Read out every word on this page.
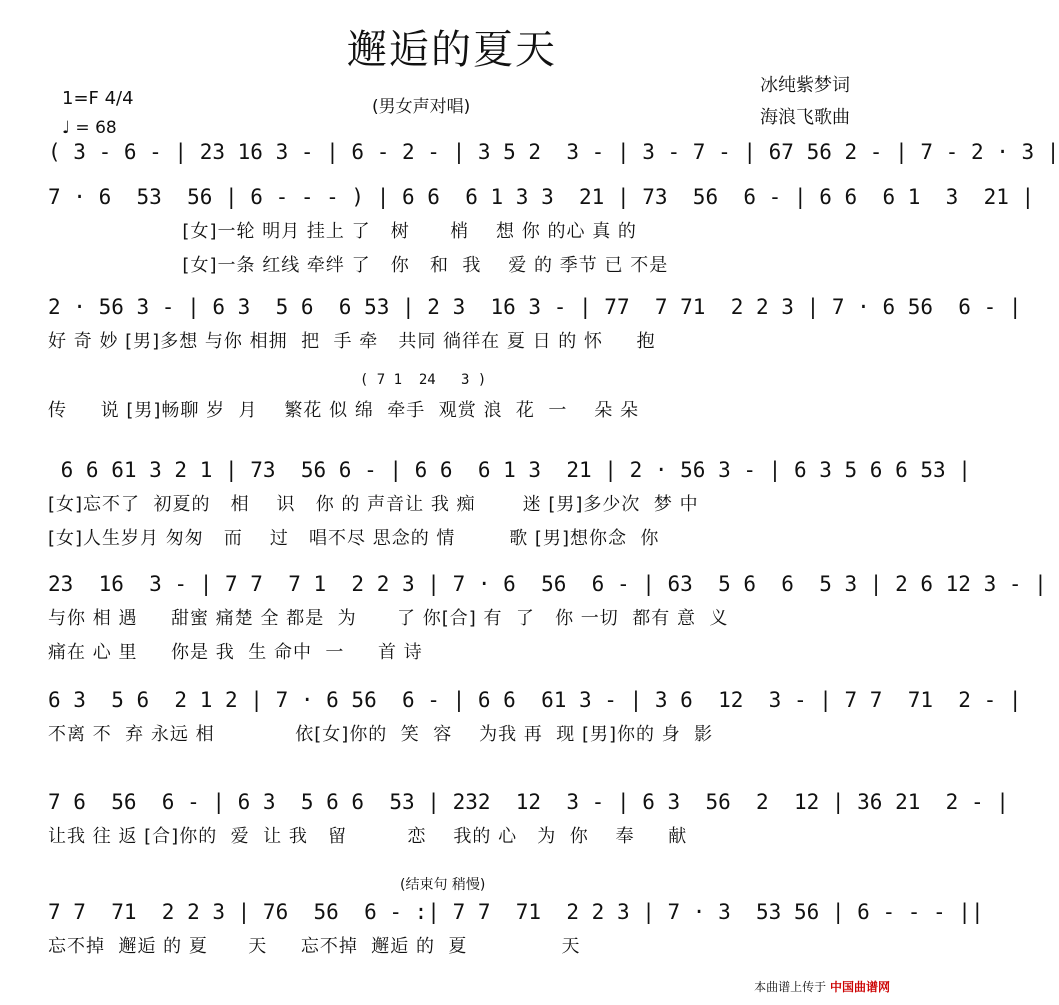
邂逅的夏天
1=F 4/4
♩ = 68
(男女声对唱)
冰纯紫梦词
海浪飞歌曲
( 3 - 6 - | 23 16 3 - | 6 - 2 - | 3 5 2  3 - | 3 - 7 - | 67 56 2 - | 7 - 2 · 3 |
7 · 6  53  56 | 6 - - - ) | 6 6  6 1 3 3  21 | 73  56  6 - | 6 6  6 1  3  21 |
[女]一轮 明月 挂上 了   树      梢    想 你 的心 真 的
[女]一条 红线 牵绊 了   你   和  我    爱 的 季节 已 不是
2 · 56 3 - | 6 3  5 6  6 53 | 2 3  16 3 - | 77  7 71  2 2 3 | 7 · 6 56  6 - |
好 奇 妙 [男]多想 与你 相拥  把  手 牵   共同 徜徉在 夏 日 的 怀     抱
( 7 1  24   3 )
传     说 [男]畅聊 岁  月    繁花 似 绵  牵手  观赏 浪  花  一    朵 朵
6 6 61 3 2 1 | 73  56 6 - | 6 6  6 1 3  21 | 2 · 56 3 - | 6 3 5 6 6 53 |
[女]忘不了  初夏的   相    识   你 的 声音让 我 痴       迷 [男]多少次  梦 中
[女]人生岁月 匆匆   而    过   唱不尽 思念的 情        歌 [男]想你念  你
23  16  3 - | 7 7  7 1  2 2 3 | 7 · 6  56  6 - | 63  5 6  6  5 3 | 2 6 12 3 - |
与你 相 遇     甜蜜 痛楚 全 都是  为      了 你[合] 有  了   你 一切  都有 意  义
痛在 心 里     你是 我  生 命中  一     首 诗
6 3  5 6  2 1 2 | 7 · 6 56  6 - | 6 6  61 3 - | 3 6  12  3 - | 7 7  71  2 - |
不离 不  弃 永远 相            依[女]你的  笑  容    为我 再  现 [男]你的 身  影
7 6  56  6 - | 6 3  5 6 6  53 | 232  12  3 - | 6 3  56  2  12 | 36 21  2 - |
让我 往 返 [合]你的  爱  让 我   留         恋    我的 心   为  你    奉     献
7 7  71  2 2 3 | 76  56  6 - :| 7 7  71  2 2 3 | 7 · 3  53 56 | 6 - - - ||
忘不掉  邂逅 的 夏      天     忘不掉  邂逅 的  夏              天
(结束句 稍慢)
本曲谱上传于 中国曲谱网
